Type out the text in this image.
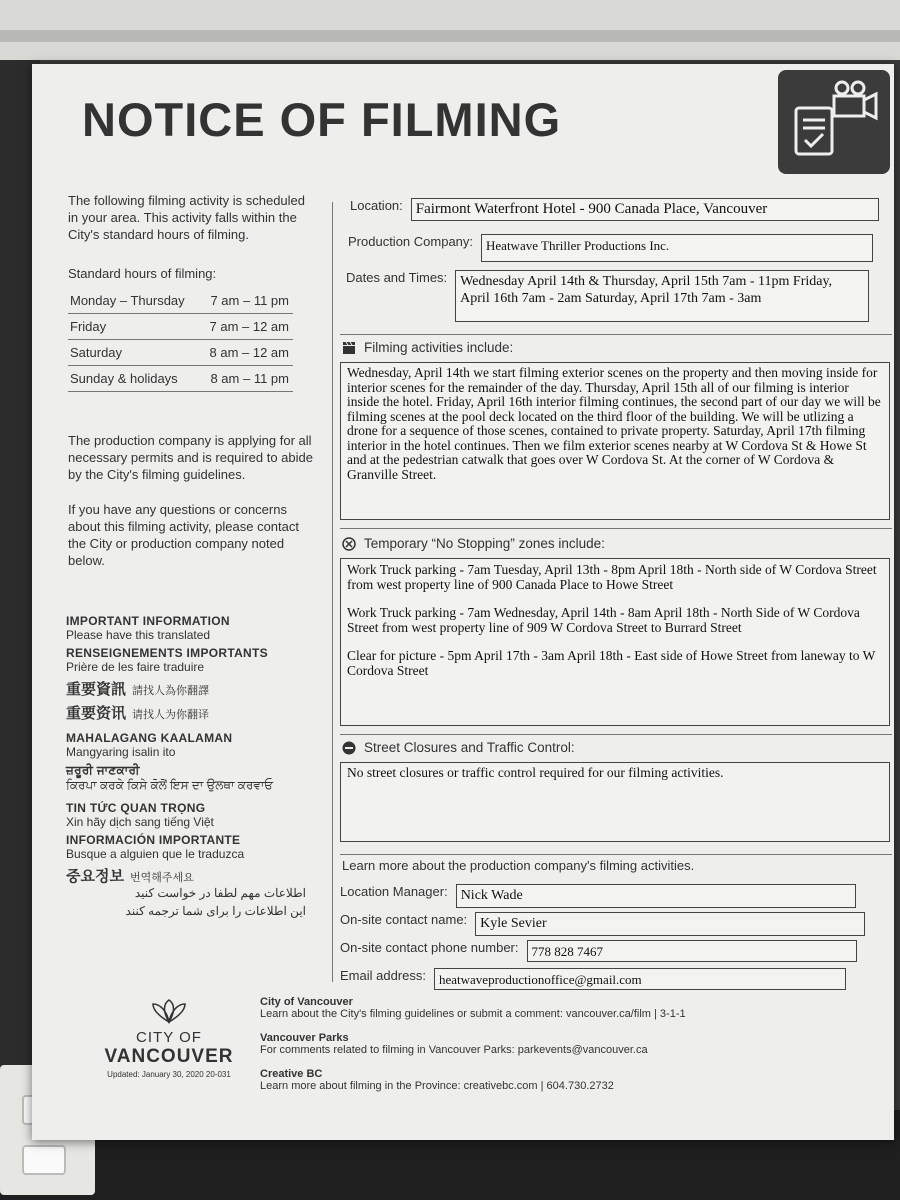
NOTICE OF FILMING
The following filming activity is scheduled in your area. This activity falls within the City's standard hours of filming.
Standard hours of filming:
Monday – Thursday 7 am – 11 pm
Friday	7 am – 12 am
Saturday	8 am – 12 am
Sunday & holidays	8 am – 11 pm
The production company is applying for all necessary permits and is required to abide by the City's filming guidelines.
If you have any questions or concerns about this filming activity, please contact the City or production company noted below.
IMPORTANT INFORMATION
Please have this translated
RENSEIGNEMENTS IMPORTANTS
Prière de les faire traduire
重要資訊 請找人為你翻譯
重要资讯 请找人为你翻译
MAHALAGANG KAALAMAN
Mangyaring isalin ito
ਜ਼ਰੂਰੀ ਜਾਣਕਾਰੀ
ਕਿਰਪਾ ਕਰਕੇ ਕਿਸੇ ਕੋਲੋਂ ਇਸ ਦਾ ਉਲਥਾ ਕਰਵਾਓ
TIN TỨC QUAN TRỌNG
Xin hãy dịch sang tiếng Việt
INFORMACIÓN IMPORTANTE
Busque a alguien que le traduzca
중요정보 번역해주세요
اطلاعات مهم لطفا در خواست کنید
این اطلاعات را برای شما ترجمه کنند
Location: Fairmont Waterfront Hotel - 900 Canada Place, Vancouver
Production Company:	Heatwave Thriller Productions Inc.
Dates and Times: Wednesday April 14th & Thursday, April 15th 7am - 11pm Friday, April 16th 7am - 2am Saturday, April 17th 7am - 3am
Filming activities include:
Wednesday, April 14th we start filming exterior scenes on the property and then moving inside for interior scenes for the remainder of the day. Thursday, April 15th all of our filming is interior inside the hotel. Friday, April 16th interior filming continues, the second part of our day we will be filming scenes at the pool deck located on the third floor of the building. We will be utlizing a drone for a sequence of those scenes, contained to private property. Saturday, April 17th filming interior in the hotel continues. Then we film exterior scenes nearby at W Cordova St & Howe St and at the pedestrian catwalk that goes over W Cordova St. At the corner of W Cordova & Granville Street.
Temporary “No Stopping” zones include:
Work Truck parking - 7am Tuesday, April 13th - 8pm April 18th - North side of W Cordova Street from west property line of 900 Canada Place to Howe Street
Work Truck parking - 7am Wednesday, April 14th - 8am April 18th - North Side of W Cordova Street from west property line of 909 W Cordova Street to Burrard Street
Clear for picture - 5pm April 17th - 3am April 18th - East side of Howe Street from laneway to W Cordova Street
Street Closures and Traffic Control:
No street closures or traffic control required for our filming activities.
Learn more about the production company's filming activities.
Location Manager: Nick Wade
On-site contact name: Kyle Sevier
On-site contact phone number:	778 828 7467
Email address:	heatwaveproductionoffice@gmail.com
CITY OF
VANCOUVER
Updated: January 30, 2020 20-031
City of Vancouver
Learn about the City's filming guidelines or submit a comment: vancouver.ca/film | 3-1-1
Vancouver Parks
For comments related to filming in Vancouver Parks: parkevents@vancouver.ca
Creative BC
Learn more about filming in the Province: creativebc.com | 604.730.2732
